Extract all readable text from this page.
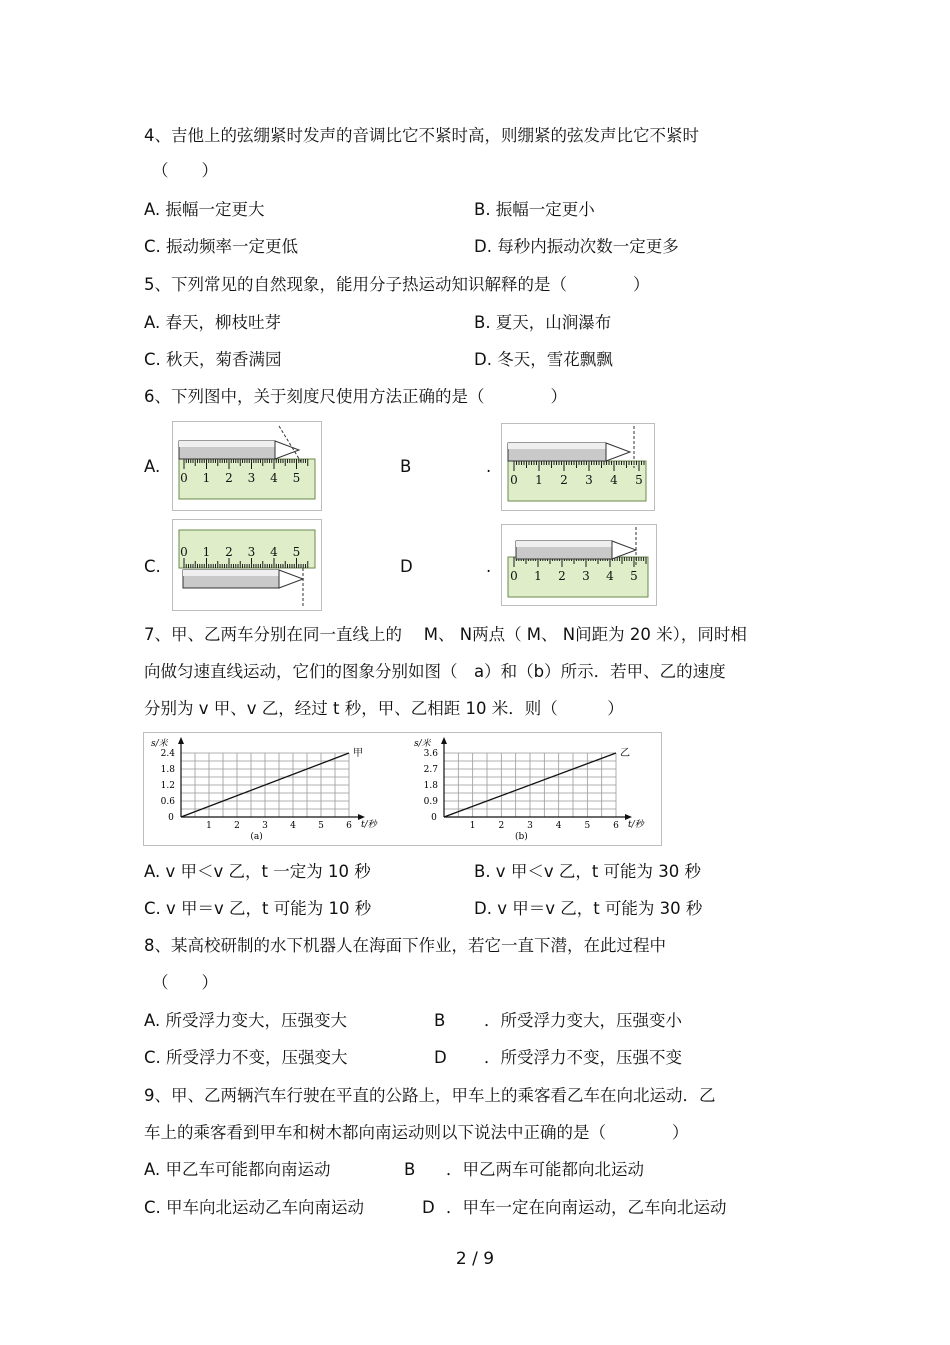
4、吉他上的弦绷紧时发声的音调比它不紧时高，则绷紧的弦发声比它不紧时
（　　）
A. 振幅一定更大	B. 振幅一定更小
C. 振动频率一定更低	D. 每秒内振动次数一定更多
5、下列常见的自然现象，能用分子热运动知识解释的是（　　　　）
A. 春天，柳枝吐芽	B. 夏天，山涧瀑布
C. 秋天，菊香满园	D. 冬天，雪花飘飘
6、下列图中，关于刻度尺使用方法正确的是（　　　　）
A.
0 1 2 3 4 5
B	.
0 1 2 3 4 5
C.
0 1 2 3 4 5
D	. 0 1 2 3 4 5
7、甲、乙两车分别在同一直线上的　 M、 N两点（ M、 N间距为 20 米），同时相
向做匀速直线运动，它们的图象分别如图（　a）和（b）所示．若甲、乙的速度
分别为 v 甲、v 乙，经过 t 秒，甲、乙相距 10 米．则（　　　）
1 2 3 4 5 6
0
0.6
1.2
1.8
2.4
s/米
t/秒
甲
(a)
1	2	3	4	5	6
0
0.9
1.8
2.7
3.6
s/米
t/秒
乙
(b)
A. v 甲＜v 乙，t 一定为 10 秒	B. v 甲＜v 乙，t 可能为 30 秒
C. v 甲＝v 乙，t 可能为 10 秒	D. v 甲＝v 乙，t 可能为 30 秒
8、某高校研制的水下机器人在海面下作业，若它一直下潜，在此过程中
（　　）
A. 所受浮力变大，压强变大	B ．所受浮力变大，压强变小
C. 所受浮力不变，压强变大	D ．所受浮力不变，压强不变
9、甲、乙两辆汽车行驶在平直的公路上，甲车上的乘客看乙车在向北运动．乙
车上的乘客看到甲车和树木都向南运动则以下说法中正确的是（　　　　）
A. 甲乙车可能都向南运动	B ．甲乙两车可能都向北运动
C. 甲车向北运动乙车向南运动	D ．甲车一定在向南运动，乙车向北运动
2 / 9
